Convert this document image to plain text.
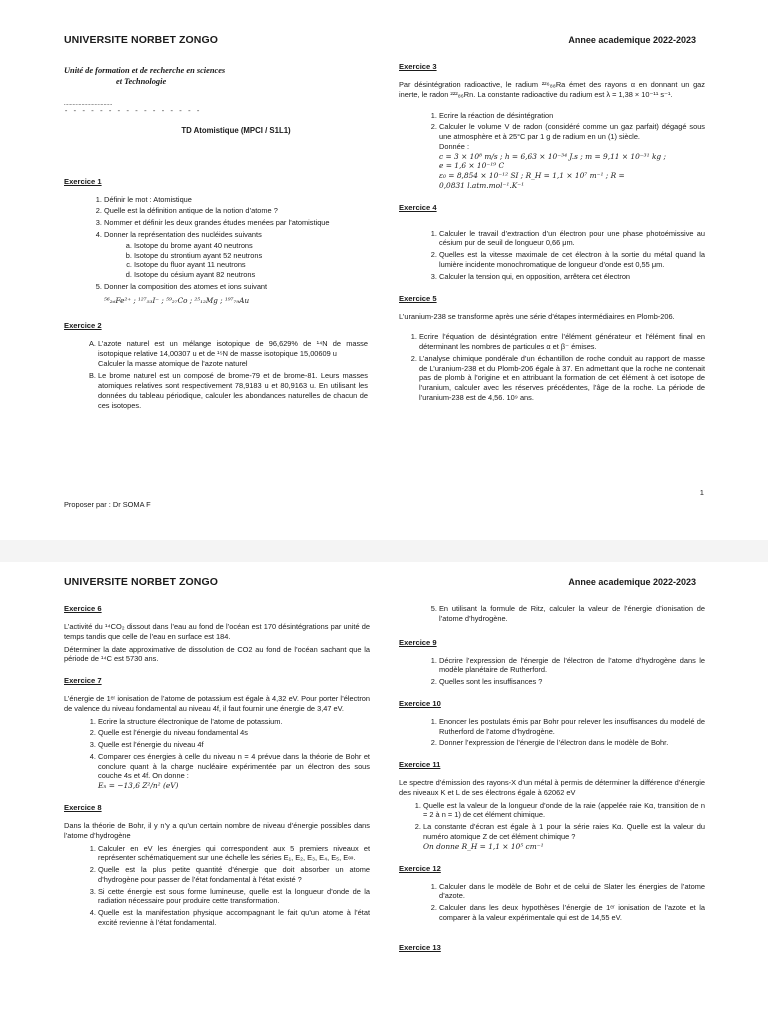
UNIVERSITE NORBET ZONGO	Annee academique 2022-2023
Unité de formation et de recherche en sciences
et Technologie
……………………………
- - - - - - - - - - - - - - - -
TD Atomistique (MPCI / S1L1)
Exercice 1
1. Définir le mot : Atomistique
2. Quelle est la définition antique de la notion d’atome ?
3. Nommer et définir les deux grandes études menées par l’atomistique
4. Donner la représentation des nucléides suivants
a. Isotope du brome ayant 40 neutrons
b. Isotope du strontium ayant 52 neutrons
c. Isotope du fluor ayant 11 neutrons
d. Isotope du césium ayant 82 neutrons
5. Donner la composition des atomes et ions suivant
⁵⁶₂₆Fe²⁺ ; ¹²⁷₅₃I⁻ ; ⁵⁹₂₇Co ; ²⁵₁₂Mg ; ¹⁹⁷₇₉Au
Exercice 2
A. L’azote naturel est un mélange isotopique de 96,629% de ¹⁴N de masse isotopique relative 14,00307 u et de ¹⁵N de masse isotopique 15,00609 u
Calculer la masse atomique de l’azote naturel
B. Le brome naturel est un composé de brome-79 et de brome-81. Leurs masses atomiques relatives sont respectivement 78,9183 u et 80,9163 u. En utilisant les données du tableau périodique, calculer les abondances naturelles de chacun de ces isotopes.
Exercice 3
Par désintégration radioactive, le radium ²²⁶₈₈Ra émet des rayons α en donnant un gaz inerte, le radon ²²²₈₆Rn. La constante radioactive du radium est λ = 1,38 × 10⁻¹¹ s⁻¹.
1. Ecrire la réaction de désintégration
2. Calculer le volume V de radon (considéré comme un gaz parfait) dégagé sous une atmosphère et à 25°C par 1 g de radium en un (1) siècle.
Donnée :
c = 3 × 10⁸ m/s ; h = 6,63 × 10⁻³⁴ J.s ; m = 9,11 × 10⁻³¹ kg ;
e = 1,6 × 10⁻¹⁹ C
ε₀ = 8,854 × 10⁻¹² SI ; R_H = 1,1 × 10⁷ m⁻¹ ; R =
0,0831 l.atm.mol⁻¹.K⁻¹
Exercice 4
1. Calculer le travail d’extraction d’un électron pour une phase photoémissive au césium pur de seuil de longueur 0,66 μm.
2. Quelles est la vitesse maximale de cet électron à la sortie du métal quand la lumière incidente monochromatique de longueur d’onde est 0,55 μm.
3. Calculer la tension qui, en opposition, arrêtera cet électron
Exercice 5
L’uranium-238 se transforme après une série d’étapes intermédiaires en Plomb-206.
1. Ecrire l’équation de désintégration entre l’élément générateur et l’élément final en déterminant les nombres de particules α et β⁻ émises.
2. L’analyse chimique pondérale d’un échantillon de roche conduit au rapport de masse de L’uranium-238 et du Plomb-206 égale à 37. En admettant que la roche ne contenait pas de plomb à l’origine et en attribuant la formation de cet élément à cet isotope de l’uranium, calculer avec les réserves précédentes, l’âge de la roche. La période de l’uranium-238 est de 4,56. 10⁹ ans.
1
Proposer par : Dr SOMA F
UNIVERSITE NORBET ZONGO	Annee academique 2022-2023
Exercice 6
L’activité du ¹⁴CO₂ dissout dans l’eau au fond de l’océan est 170 désintégrations par unité de temps tandis que celle de l’eau en surface est 184.
Déterminer la date approximative de dissolution de CO2 au fond de l’océan sachant que la période de ¹⁴C est 5730 ans.
Exercice 7
L’énergie de 1ᵉʳ ionisation de l’atome de potassium est égale à 4,32 eV. Pour porter l’électron de valence du niveau fondamental au niveau 4f, il faut fournir une énergie de 3,47 eV.
1. Ecrire la structure électronique de l’atome de potassium.
2. Quelle est l’énergie du niveau fondamental 4s
3. Quelle est l’énergie du niveau 4f
4. Comparer ces énergies à celle du niveau n = 4 prévue dans la théorie de Bohr et conclure quant à la charge nucléaire expérimentée par un électron des sous couche 4s et 4f. On donne :
Eₙ = −13,6 Z²/n² (eV)
Exercice 8
Dans la théorie de Bohr, il y n’y a qu’un certain nombre de niveau d’énergie possibles dans l’atome d’hydrogène
1. Calculer en eV les énergies qui correspondent aux 5 premiers niveaux et représenter schématiquement sur une échelle les séries E₁, E₂, E₃, E₄, E₅, E∞.
2. Quelle est la plus petite quantité d’énergie que doit absorber un atome d’hydrogène pour passer de l’état fondamental à l’état existé ?
3. Si cette énergie est sous forme lumineuse, quelle est la longueur d’onde de la radiation nécessaire pour produire cette transformation.
4. Quelle est la manifestation physique accompagnant le fait qu’un atome à l’état excité revienne à l’état fondamental.
5. En utilisant la formule de Ritz, calculer la valeur de l’énergie d’ionisation de l’atome d’hydrogène.
Exercice 9
1. Décrire l’expression de l’énergie de l’électron de l’atome d’hydrogène dans le modèle planétaire de Rutherford.
2. Quelles sont les insuffisances ?
Exercice 10
1. Enoncer les postulats émis par Bohr pour relever les insuffisances du modelé de Rutherford de l’atome d’hydrogène.
2. Donner l’expression de l’énergie de l’électron dans le modèle de Bohr.
Exercice 11
Le spectre d’émission des rayons-X d’un métal à permis de déterminer la différence d’énergie des niveaux K et L de ses électrons égale à 62062 eV
1. Quelle est la valeur de la longueur d’onde de la raie (appelée raie Kα, transition de n = 2 à n = 1) de cet élément chimique.
2. La constante d’écran est égale à 1 pour la série raies Kα. Quelle est la valeur du numéro atomique Z de cet élément chimique ?
On donne R_H = 1,1 × 10⁵ cm⁻¹
Exercice 12
1. Calculer dans le modèle de Bohr et de celui de Slater les énergies de l’atome d’azote.
2. Calculer dans les deux hypothèses l’énergie de 1ᵉʳ ionisation de l’azote et la comparer à la valeur expérimentale qui est de 14,55 eV.
Exercice 13
